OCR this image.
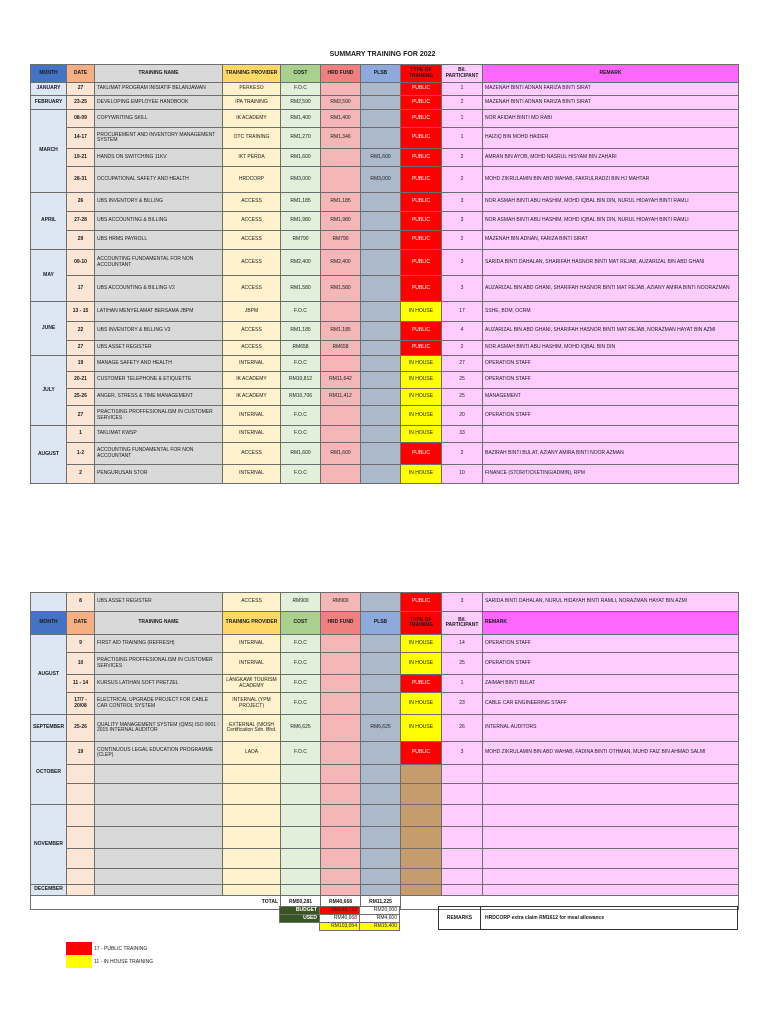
SUMMARY TRAINING FOR 2022
MONTH	DATE	TRAINING NAME	TRAINING PROVIDER	COST	HRD FUND	PLSB	TYPE OF TRAINING	Bil. PARTICIPANT	REMARK
JANUARY	27	TAKLIMAT PROGRAM INISIATIF BELANJAWAN	PERKESO	F.O.C			PUBLIC	1	MAZENAH BINTI ADNAN FARIZA BINTI SIRAT
FEBRUARY	23-25	DEVELOPING EMPLOYEE HANDBOOK	IPA TRAINING	RM2,590	RM2,590		PUBLIC	2	MAZENAH BINTI ADNAN FARIZA BINTI SIRAT
MARCH	08-09	COPYWRITING SKILL	IK ACADEMY	RM1,400	RM1,400		PUBLIC	1	NOR AFIDAH BINTI MD RABI
	14-17	PROCUREMENT AND INVENTORY MANAGEMENT SYSTEM	OTC TRAINING	RM1,270	RM1,346		PUBLIC	1	HAIZIQ BIN MOHD HAIDER
	19-21	HANDS ON SWITCHING 11KV	IKT PERDA	RM1,600		RM1,600	PUBLIC	2	AMRAN BIN AYOB, MOHD NASRUL HISYAM BIN ZAHARI
	28-31	OCCUPATIONAL SAFETY AND HEALTH	HRDCORP	RM3,000		RM3,000	PUBLIC	2	MOHD ZIKRULAMIN BIN ABD WAHAB, FAKRULRADZI BIN HJ MAHTAR
APRIL	26	UBS INVENTORY & BILLING	ACCESS	RM1,185	RM1,185		PUBLIC	3	NOR ASMAH BINTI ABU HASHIM, MOHD IQBAL BIN DIN, NURUL HIDAYAH BINTI RAMLI
	27-28	UBS ACCOUNTING & BILLING	ACCESS	RM1,980	RM1,980		PUBLIC	3	NOR ASMAH BINTI ABU HASHIM, MOHD IQBAL BIN DIN, NURUL HIDAYAH BINTI RAMLI
	29	UBS HRMS PAYROLL	ACCESS	RM790	RM790		PUBLIC	2	MAZENAH BIN ADNAN, FARIZA BINTI SIRAT
MAY	09-10	ACCOUNTING FUNDAMENTAL FOR NON ACCOUNTANT	ACCESS	RM2,400	RM2,400		PUBLIC	3	SARIDA BINTI DAHALAN, SHARIFAH HASNOR BINTI MAT REJAB, AUZARIZAL BIN ABD GHANI
	17	UBS ACCOUNTING & BILLING V2	ACCESS	RM1,580	RM1,580		PUBLIC	3	AUZARIZAL BIN ABD GHANI, SHARIFAH HASNOR BINTI MAT REJAB, AZIANY AMIRA BINTI NOORAZMAN
JUNE	13 - 15	LATIHAN MENYELAMAT BERSAMA JBPM	JBPM	F.O.C			IN HOUSE	17	SSHE, BDM, OCRM
	22	UBS INVENTORY & BILLING V3	ACCESS	RM1,185	RM1,185		PUBLIC	4	AUZARIZAL BIN ABD GHANI, SHARIFAH HASNOR BINTI MAT REJAB, NORAZMAN HAYAT BIN AZMI
	27	UBS ASSET REGISTER	ACCESS	RM658	RM658		PUBLIC	2	NOR ASMAH BINTI ABU HASHIM, MOHD IQBAL BIN DIN
JULY	19	MANAGE SAFETY AND HEALTH	INTERNAL	F.O.C			IN HOUSE	27	OPERATION STAFF
	20-21	CUSTOMER TELEPHONE & ETIQUETTE	IK ACADEMY	RM10,812	RM11,642		IN HOUSE	25	OPERATION STAFF
	25-26	ANGER, STRESS & TIME MANAGEMENT	IK ACADEMY	RM10,706	RM11,412		IN HOUSE	25	MANAGEMENT
	27	PRACTISING PROFFESIONALISM IN CUSTOMER SERVICES	INTERNAL	F.O.C			IN HOUSE	20	OPERATION STAFF
AUGUST	1	TAKLIMAT KWSP	INTERNAL	F.O.C			IN HOUSE	33	
	1-2	ACCOUNTING FUNDAMENTAL FOR NON ACCOUNTANT	ACCESS	RM1,600	RM1,600		PUBLIC	2	BAZIRAH BINTI BULAT, AZIANY AMIRA BINTI NOOR AZMAN
	2	PENGURUSAN STOR	INTERNAL	F.O.C			IN HOUSE	10	FINANCE (STOR/TICKETING/ADMIN), RPM
	8	UBS ASSET REGISTER	ACCESS	RM900	RM900		PUBLIC	3	SARIDA BINTI DAHALAN, NURUL HIDAYAH BINTI RAMLI, NORAZMAN HAYAT BIN AZMI
MONTH	DATE	TRAINING NAME	TRAINING PROVIDER	COST	HRD FUND	PLSB	TYPE OF TRAINING	Bil. PARTICIPANT	REMARK
AUGUST	9	FIRST AID TRAINING (REFRESH)	INTERNAL	F.O.C			IN HOUSE	14	OPERATION STAFF
	10	PRACTISING PROFFESIONALISM IN CUSTOMER SERVICES	INTERNAL	F.O.C			IN HOUSE	25	OPERATION STAFF
	11 - 14	KURSUS LATIHAN SOFT PRETZEL	LANGKAWI TOURISM ACADEMY	F.O.C			PUBLIC	1	ZAIMAH BINTI BULAT
	17/7 - 20/08	ELECTRICAL UPGRADE PROJECT FOR CABLE CAR CONTROL SYSTEM	INTERNAL (YPM PROJECT)	F.O.C			IN HOUSE	23	CABLE CAR ENGINEERING STAFF
SEPTEMBER	25-26	QUALITY MANAGEMENT SYSTEM (QMS) ISO 9001 : 2015 INTERNAL AUDITOR	EXTERNAL (NIOSH Certification Sdn. Bhd.	RM6,625		RM6,625	IN HOUSE	26	INTERNAL AUDITORS
OCTOBER	19	CONTINUOUS LEGAL EDUCATION PROGRAMME (CLEP)	LADA	F.O.C			PUBLIC	3	MOHD ZIKRULAMIN BIN ABD WAHAB, FADINA BINTI OTHMAN, MUHD FAIZ BIN AHMAD SALMI

NOVEMBER									

DECEMBER									
TOTAL				RM50,281	RM40,668	RM11,225			
BUDGET	RM143,722	RM20,000
USED	RM40,668	RM4,600
	RM103,054	RM15,400
REMARKS	HRDCORP extra claim RM1612 for meal allowance
17 - PUBLIC TRAINING
11 - IN HOUSE TRAINING
